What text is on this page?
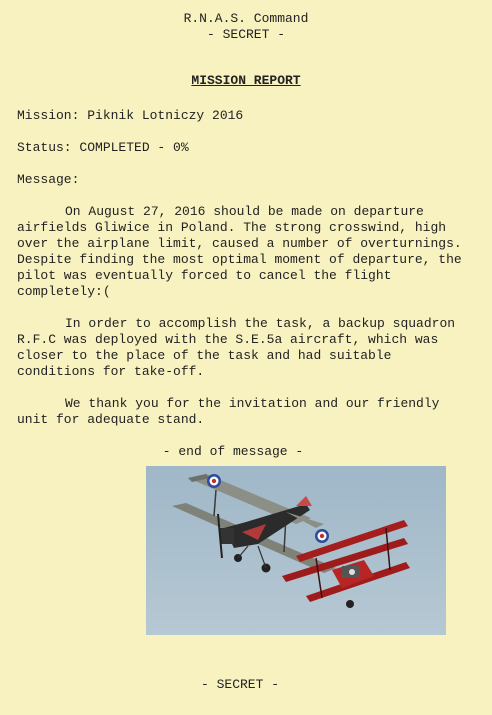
R.N.A.S. Command
- SECRET -
MISSION REPORT
Mission: Piknik Lotniczy 2016
Status: COMPLETED - 0%
Message:

On August 27, 2016 should be made on departure airfields Gliwice in Poland. The strong crosswind, high over the airplane limit, caused a number of overturnings. Despite finding the most optimal moment of departure, the pilot was eventually forced to cancel the flight completely:(

In order to accomplish the task, a backup squadron R.F.C was deployed with the S.E.5a aircraft, which was closer to the place of the task and had suitable conditions for take-off.

We thank you for the invitation and our friendly unit for adequate stand.

- end of message -
- SECRET -
